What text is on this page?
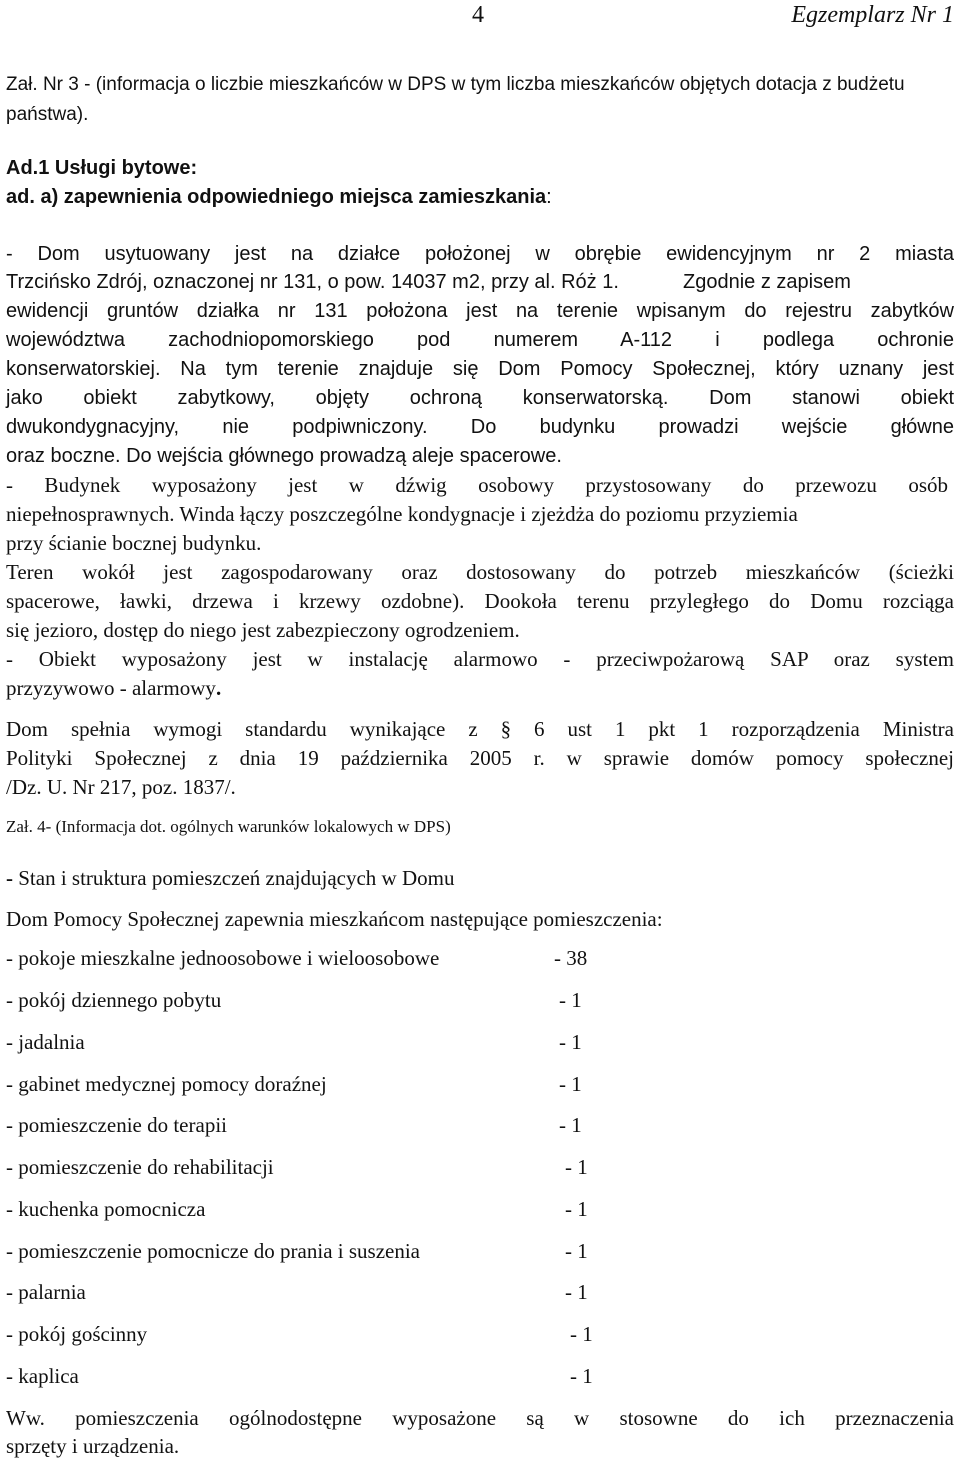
4	Egzemplarz Nr 1
Zał. Nr 3 - (informacja o liczbie mieszkańców w DPS w tym liczba mieszkańców objętych dotacja z budżetu państwa).
Ad.1 Usługi bytowe:
ad. a) zapewnienia odpowiedniego miejsca zamieszkania:
- Dom usytuowany jest na działce położonej w obrębie ewidencyjnym nr 2 miasta
Trzcińsko Zdrój, oznaczonej nr 131, o pow. 14037 m2, przy al. Róż 1.	Zgodnie z zapisem
ewidencji gruntów działka nr 131 położona jest na terenie wpisanym do rejestru zabytków
województwa zachodniopomorskiego pod numerem A-112 i podlega ochronie
konserwatorskiej. Na tym terenie znajduje się Dom Pomocy Społecznej, który uznany jest
jako obiekt zabytkowy, objęty ochroną konserwatorską. Dom stanowi obiekt
dwukondygnacyjny, nie podpiwniczony. Do budynku prowadzi wejście główne
oraz boczne. Do wejścia głównego prowadzą aleje spacerowe.
- Budynek wyposażony jest w dźwig osobowy przystosowany do przewozu osób
niepełnosprawnych. Winda łączy poszczególne kondygnacje i zjeżdża do poziomu przyziemia
przy ścianie bocznej budynku.
Teren wokół jest zagospodarowany oraz dostosowany do potrzeb mieszkańców (ścieżki
spacerowe, ławki, drzewa i krzewy ozdobne). Dookoła terenu przyległego do Domu rozciąga
się jezioro, dostęp do niego jest zabezpieczony ogrodzeniem.
- Obiekt wyposażony jest w instalację alarmowo - przeciwpożarową SAP oraz system
przyzywowo - alarmowy.
Dom spełnia wymogi standardu wynikające z § 6 ust 1 pkt 1 rozporządzenia Ministra
Polityki Społecznej z dnia 19 października 2005 r. w sprawie domów pomocy społecznej
/Dz. U. Nr 217, poz. 1837/.
Zał. 4- (Informacja dot. ogólnych warunków lokalowych w DPS)
- Stan i struktura pomieszczeń znajdujących w Domu
Dom Pomocy Społecznej zapewnia mieszkańcom następujące pomieszczenia:
- pokoje mieszkalne jednoosobowe i wieloosobowe	- 38
- pokój dziennego pobytu	- 1
- jadalnia	- 1
- gabinet medycznej pomocy doraźnej	- 1
- pomieszczenie do terapii	- 1
- pomieszczenie do rehabilitacji	- 1
- kuchenka pomocnicza	- 1
- pomieszczenie pomocnicze do prania i suszenia	- 1
- palarnia	- 1
- pokój gościnny	- 1
- kaplica	- 1
Ww. pomieszczenia ogólnodostępne wyposażone są w stosowne do ich przeznaczenia
sprzęty i urządzenia.
